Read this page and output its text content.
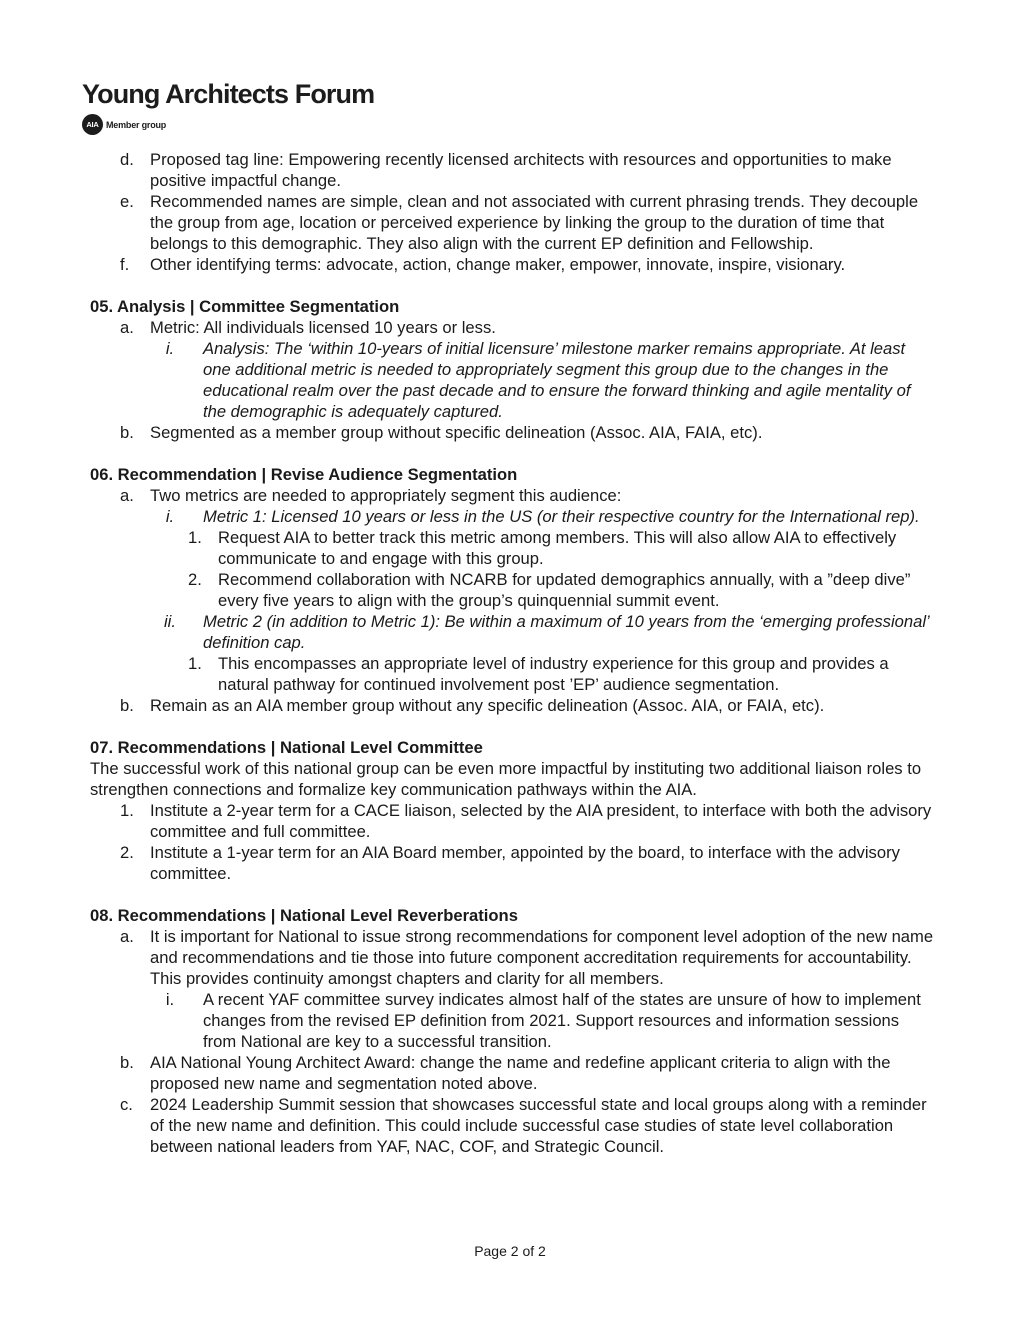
Young Architects Forum
AIA Member group
d. Proposed tag line: Empowering recently licensed architects with resources and opportunities to make positive impactful change.
e. Recommended names are simple, clean and not associated with current phrasing trends. They decouple the group from age, location or perceived experience by linking the group to the duration of time that belongs to this demographic. They also align with the current EP definition and Fellowship.
f. Other identifying terms: advocate, action, change maker, empower, innovate, inspire, visionary.
05. Analysis | Committee Segmentation
a. Metric: All individuals licensed 10 years or less.
i.	Analysis: The ‘within 10-years of initial licensure’ milestone marker remains appropriate. At least one additional metric is needed to appropriately segment this group due to the changes in the educational realm over the past decade and to ensure the forward thinking and agile mentality of the demographic is adequately captured.
b. Segmented as a member group without specific delineation (Assoc. AIA, FAIA, etc).
06. Recommendation | Revise Audience Segmentation
a. Two metrics are needed to appropriately segment this audience:
i.	Metric 1: Licensed 10 years or less in the US (or their respective country for the International rep).
1. Request AIA to better track this metric among members. This will also allow AIA to effectively communicate to and engage with this group.
2. Recommend collaboration with NCARB for updated demographics annually, with a ”deep dive” every five years to align with the group’s quinquennial summit event.
ii. Metric 2 (in addition to Metric 1): Be within a maximum of 10 years from the ‘emerging professional’ definition cap.
1. This encompasses an appropriate level of industry experience for this group and provides a natural pathway for continued involvement post ’EP’ audience segmentation.
b. Remain as an AIA member group without any specific delineation (Assoc. AIA, or FAIA, etc).
07. Recommendations | National Level Committee
The successful work of this national group can be even more impactful by instituting two additional liaison roles to strengthen connections and formalize key communication pathways within the AIA.
1. Institute a 2-year term for a CACE liaison, selected by the AIA president, to interface with both the advisory committee and full committee.
2. Institute a 1-year term for an AIA Board member, appointed by the board, to interface with the advisory committee.
08. Recommendations | National Level Reverberations
a. It is important for National to issue strong recommendations for component level adoption of the new name and recommendations and tie those into future component accreditation requirements for accountability. This provides continuity amongst chapters and clarity for all members.
i.	A recent YAF committee survey indicates almost half of the states are unsure of how to implement changes from the revised EP definition from 2021. Support resources and information sessions from National are key to a successful transition.
b. AIA National Young Architect Award: change the name and redefine applicant criteria to align with the proposed new name and segmentation noted above.
c. 2024 Leadership Summit session that showcases successful state and local groups along with a reminder of the new name and definition. This could include successful case studies of state level collaboration between national leaders from YAF, NAC, COF, and Strategic Council.
Page 2 of 2
